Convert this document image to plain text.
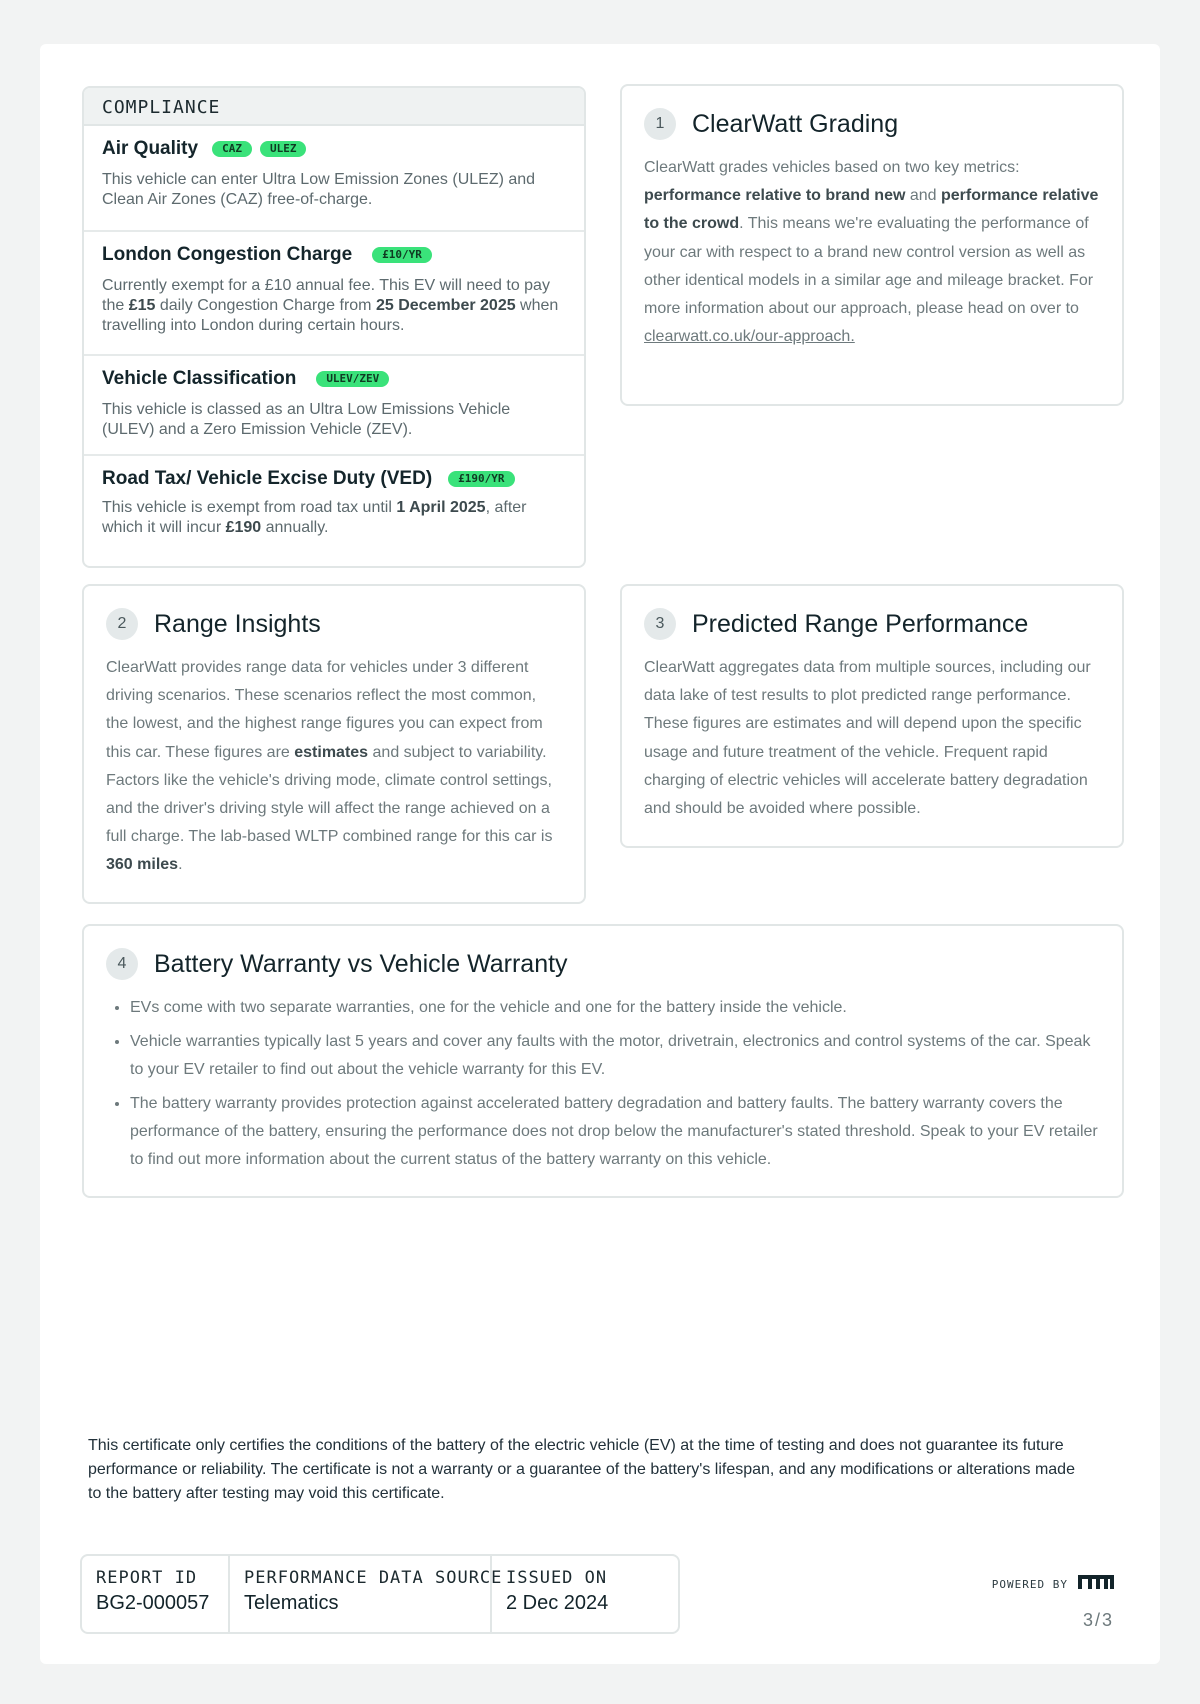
COMPLIANCE
Air Quality	CAZ	ULEZ
This vehicle can enter Ultra Low Emission Zones (ULEZ) and Clean Air Zones (CAZ) free-of-charge.
London Congestion Charge	£10/YR
Currently exempt for a £10 annual fee. This EV will need to pay the £15 daily Congestion Charge from 25 December 2025 when travelling into London during certain hours.
Vehicle Classification	ULEV/ZEV
This vehicle is classed as an Ultra Low Emissions Vehicle (ULEV) and a Zero Emission Vehicle (ZEV).
Road Tax/ Vehicle Excise Duty (VED)	£190/YR
This vehicle is exempt from road tax until 1 April 2025, after which it will incur £190 annually.
1	ClearWatt Grading
ClearWatt grades vehicles based on two key metrics: performance relative to brand new and performance relative to the crowd. This means we're evaluating the performance of your car with respect to a brand new control version as well as other identical models in a similar age and mileage bracket. For more information about our approach, please head on over to clearwatt.co.uk/our-approach.
2	Range Insights
ClearWatt provides range data for vehicles under 3 different driving scenarios. These scenarios reflect the most common, the lowest, and the highest range figures you can expect from this car. These figures are estimates and subject to variability. Factors like the vehicle's driving mode, climate control settings, and the driver's driving style will affect the range achieved on a full charge. The lab-based WLTP combined range for this car is 360 miles.
3	Predicted Range Performance
ClearWatt aggregates data from multiple sources, including our data lake of test results to plot predicted range performance. These figures are estimates and will depend upon the specific usage and future treatment of the vehicle. Frequent rapid charging of electric vehicles will accelerate battery degradation and should be avoided where possible.
4	Battery Warranty vs Vehicle Warranty
• EVs come with two separate warranties, one for the vehicle and one for the battery inside the vehicle.
• Vehicle warranties typically last 5 years and cover any faults with the motor, drivetrain, electronics and control systems of the car. Speak to your EV retailer to find out about the vehicle warranty for this EV.
• The battery warranty provides protection against accelerated battery degradation and battery faults. The battery warranty covers the performance of the battery, ensuring the performance does not drop below the manufacturer's stated threshold. Speak to your EV retailer to find out more information about the current status of the battery warranty on this vehicle.
This certificate only certifies the conditions of the battery of the electric vehicle (EV) at the time of testing and does not guarantee its future performance or reliability. The certificate is not a warranty or a guarantee of the battery's lifespan, and any modifications or alterations made to the battery after testing may void this certificate.
REPORT ID
BG2-000057
PERFORMANCE DATA SOURCE
Telematics
ISSUED ON
2 Dec 2024
POWERED BY
3/3
